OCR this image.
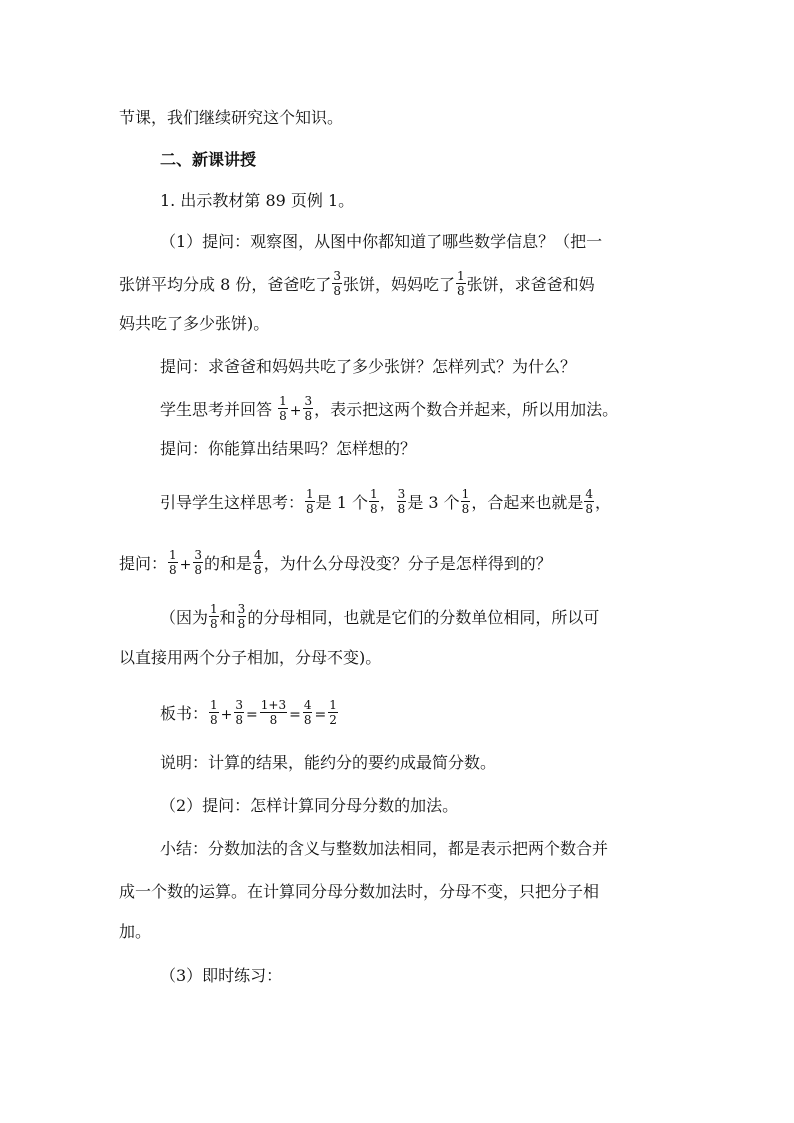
节课，我们继续研究这个知识。
二、新课讲授
1. 出示教材第 89 页例 1。
（1）提问：观察图，从图中你都知道了哪些数学信息？（把一
张饼平均分成 8 份，爸爸吃了 $\frac{3}{8}$ 张饼，妈妈吃了 $\frac{1}{8}$ 张饼，求爸爸和妈
妈共吃了多少张饼)。
提问：求爸爸和妈妈共吃了多少张饼？怎样列式？为什么？
学生思考并回答 $\frac{1}{8} + \frac{3}{8}$ ，表示把这两个数合并起来，所以用加法。
提问：你能算出结果吗？怎样想的？
引导学生这样思考： $\frac{1}{8}$ 是 1 个 $\frac{1}{8}$ ， $\frac{3}{8}$ 是 3 个 $\frac{1}{8}$ ，合起来也就是 $\frac{4}{8}$ ，
提问： $\frac{1}{8} + \frac{3}{8}$ 的和是 $\frac{4}{8}$ ，为什么分母没变？分子是怎样得到的？
（因为 $\frac{1}{8}$ 和 $\frac{3}{8}$ 的分母相同，也就是它们的分数单位相同，所以可
以直接用两个分子相加，分母不变)。
板书： $\frac{1}{8} + \frac{3}{8} = \frac{1+3}{8} = \frac{4}{8} = \frac{1}{2}$
说明：计算的结果，能约分的要约成最简分数。
（2）提问：怎样计算同分母分数的加法。
小结：分数加法的含义与整数加法相同，都是表示把两个数合并
成一个数的运算。在计算同分母分数加法时，分母不变，只把分子相
加。
（3）即时练习：
